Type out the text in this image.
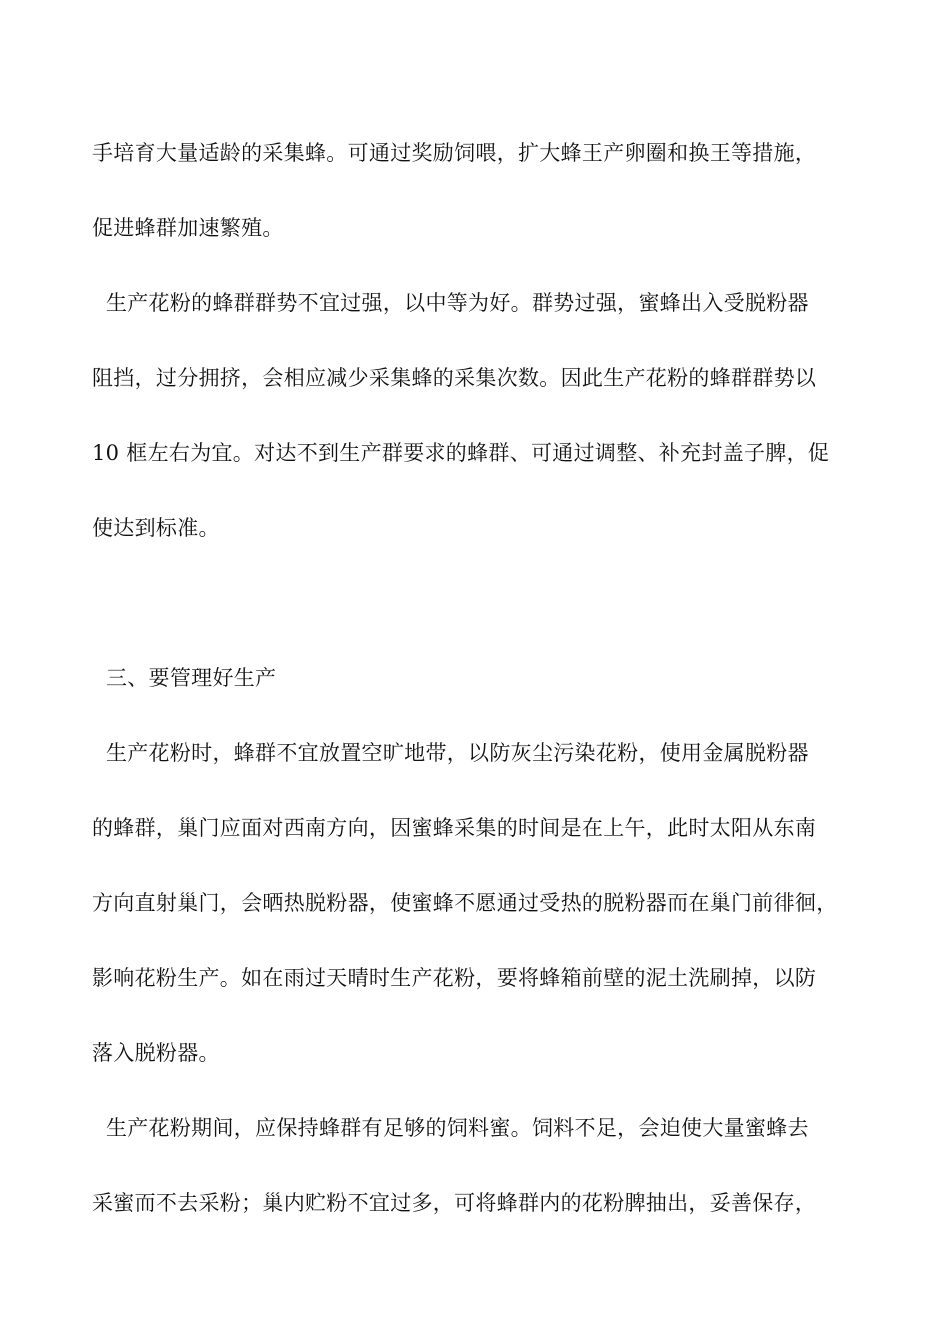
手培育大量适龄的采集蜂。可通过奖励饲喂，扩大蜂王产卵圈和换王等措施，
促进蜂群加速繁殖。
生产花粉的蜂群群势不宜过强，以中等为好。群势过强，蜜蜂出入受脱粉器
阻挡，过分拥挤，会相应减少采集蜂的采集次数。因此生产花粉的蜂群群势以
10 框左右为宜。对达不到生产群要求的蜂群、可通过调整、补充封盖子脾，促
使达到标准。
三、要管理好生产
生产花粉时，蜂群不宜放置空旷地带，以防灰尘污染花粉，使用金属脱粉器
的蜂群，巢门应面对西南方向，因蜜蜂采集的时间是在上午，此时太阳从东南
方向直射巢门，会晒热脱粉器，使蜜蜂不愿通过受热的脱粉器而在巢门前徘徊，
影响花粉生产。如在雨过天晴时生产花粉，要将蜂箱前壁的泥土洗刷掉，以防
落入脱粉器。
生产花粉期间，应保持蜂群有足够的饲料蜜。饲料不足，会迫使大量蜜蜂去
采蜜而不去采粉；巢内贮粉不宜过多，可将蜂群内的花粉脾抽出，妥善保存，
